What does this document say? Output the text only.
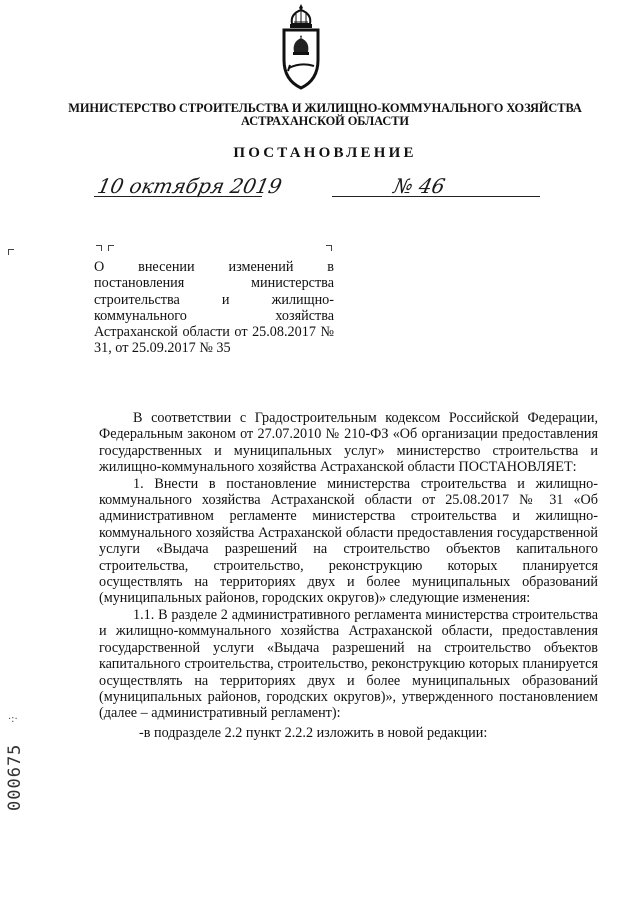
МИНИСТЕРСТВО СТРОИТЕЛЬСТВА И ЖИЛИЩНО-КОММУНАЛЬНОГО ХОЗЯЙСТВА
АСТРАХАНСКОЙ ОБЛАСТИ
ПОСТАНОВЛЕНИЕ
10 октября 2019	№ 46
О внесении изменений в постановления министерства строительства и жилищно-коммунального хозяйства Астраханской области от 25.08.2017 № 31, от 25.09.2017 № 35

В соответствии с Градостроительным кодексом Российской Федерации, Федеральным законом от 27.07.2010 № 210-ФЗ «Об организации предоставления государственных и муниципальных услуг» министерство строительства и жилищно-коммунального хозяйства Астраханской области ПОСТАНОВЛЯЕТ:

1. Внести в постановление министерства строительства и жилищно-коммунального хозяйства Астраханской области от 25.08.2017 № 31 «Об административном регламенте министерства строительства и жилищно-коммунального хозяйства Астраханской области предоставления государственной услуги «Выдача разрешений на строительство объектов капитального строительства, строительство, реконструкцию которых планируется осуществлять на территориях двух и более муниципальных образований (муниципальных районов, городских округов)» следующие изменения:

1.1. В разделе 2 административного регламента министерства строительства и жилищно-коммунального хозяйства Астраханской области, предоставления государственной услуги «Выдача разрешений на строительство объектов капитального строительства, строительство, реконструкцию которых планируется осуществлять на территориях двух и более муниципальных образований (муниципальных районов, городских округов)», утвержденного постановлением (далее – административный регламент):

-в подразделе 2.2 пункт 2.2.2 изложить в новой редакции:

·:·
000675
